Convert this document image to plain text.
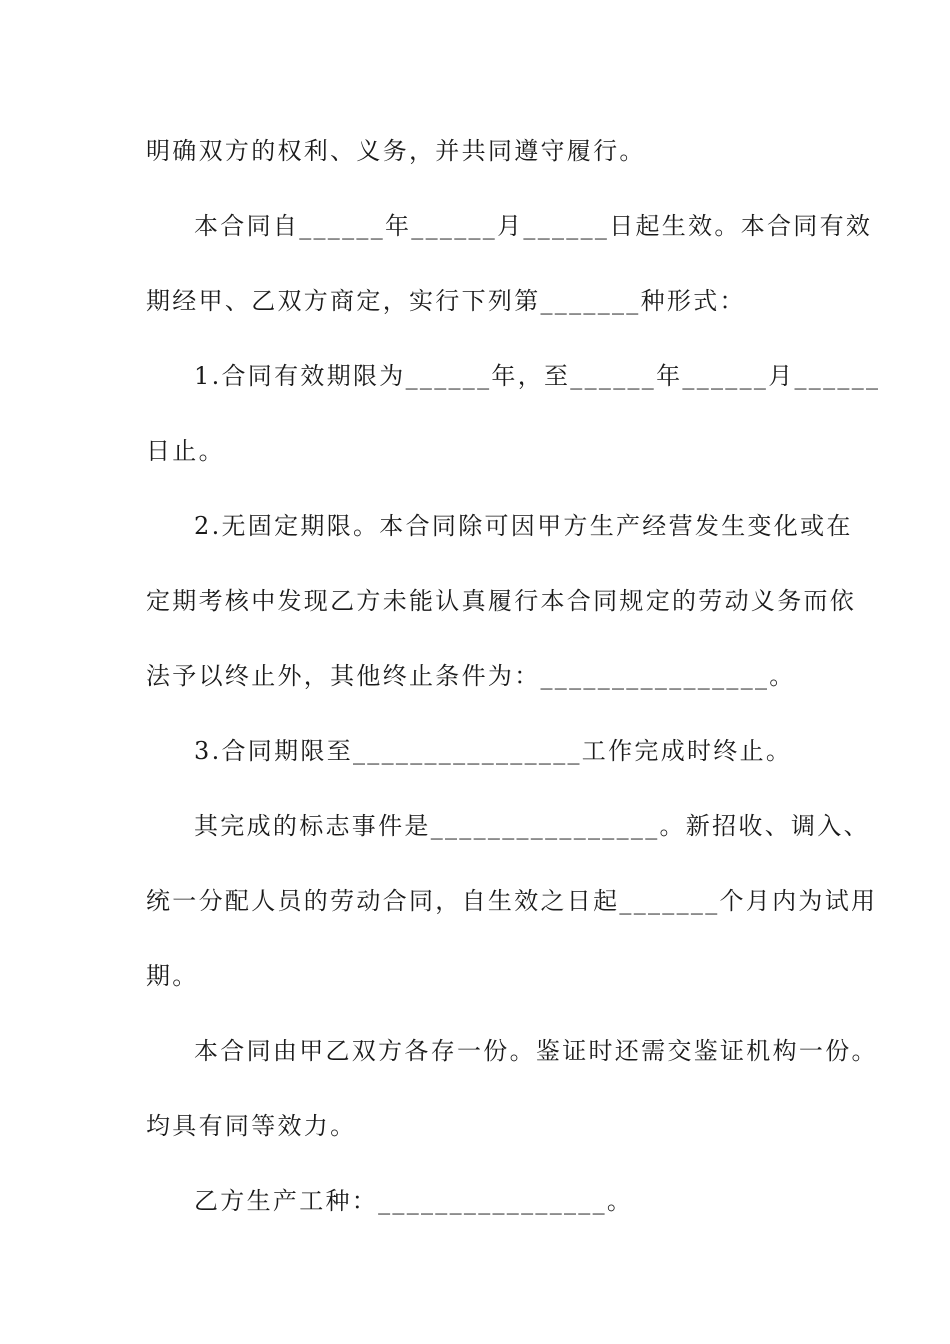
明确双方的权利、义务，并共同遵守履行。
本合同自______年______月______日起生效。本合同有效
期经甲、乙双方商定，实行下列第_______种形式：
1.合同有效期限为______年，至______年______月______
日止。
2.无固定期限。本合同除可因甲方生产经营发生变化或在
定期考核中发现乙方未能认真履行本合同规定的劳动义务而依
法予以终止外，其他终止条件为：________________。
3.合同期限至________________工作完成时终止。
其完成的标志事件是________________。新招收、调入、
统一分配人员的劳动合同，自生效之日起_______个月内为试用
期。
本合同由甲乙双方各存一份。鉴证时还需交鉴证机构一份。
均具有同等效力。
乙方生产工种：________________。
